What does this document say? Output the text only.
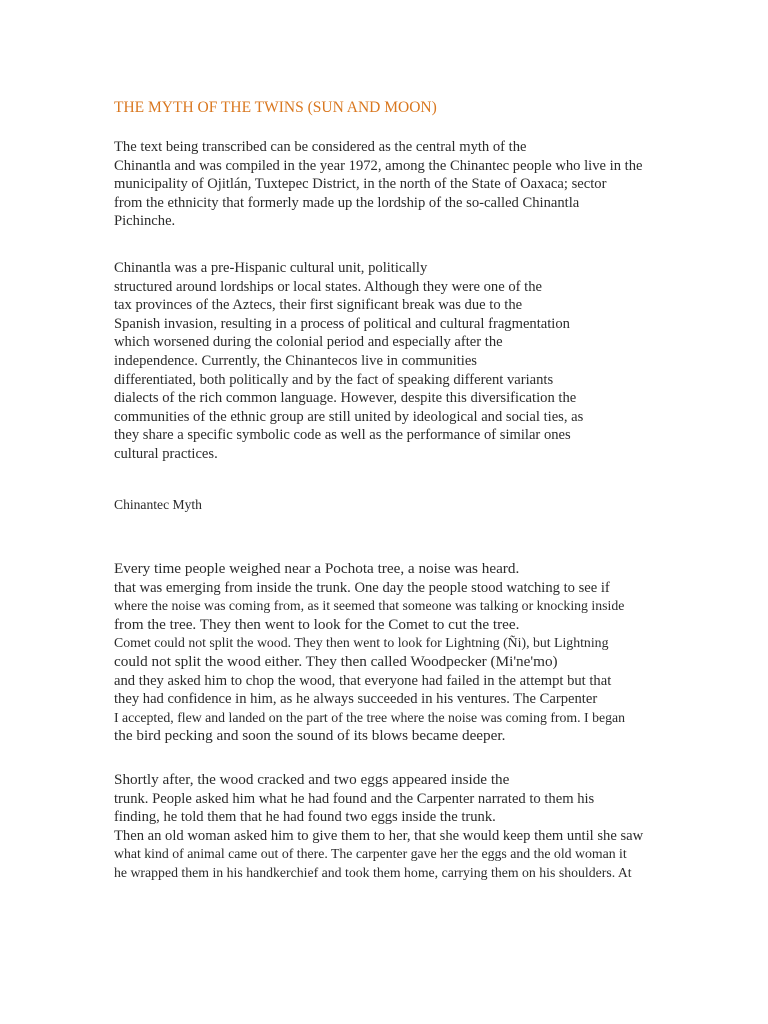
THE MYTH OF THE TWINS (SUN AND MOON)
The text being transcribed can be considered as the central myth of the
Chinantla and was compiled in the year 1972, among the Chinantec people who live in the
municipality of Ojitlán, Tuxtepec District, in the north of the State of Oaxaca; sector
from the ethnicity that formerly made up the lordship of the so-called Chinantla
Pichinche.
Chinantla was a pre-Hispanic cultural unit, politically
structured around lordships or local states. Although they were one of the
tax provinces of the Aztecs, their first significant break was due to the
Spanish invasion, resulting in a process of political and cultural fragmentation
which worsened during the colonial period and especially after the
independence. Currently, the Chinantecos live in communities
differentiated, both politically and by the fact of speaking different variants
dialects of the rich common language. However, despite this diversification the
communities of the ethnic group are still united by ideological and social ties, as
they share a specific symbolic code as well as the performance of similar ones
cultural practices.
Chinantec Myth
Every time people weighed near a Pochota tree, a noise was heard.
that was emerging from inside the trunk. One day the people stood watching to see if
where the noise was coming from, as it seemed that someone was talking or knocking inside
from the tree. They then went to look for the Comet to cut the tree.
Comet could not split the wood. They then went to look for Lightning (Ñi), but Lightning
could not split the wood either. They then called Woodpecker (Mi'ne'mo)
and they asked him to chop the wood, that everyone had failed in the attempt but that
they had confidence in him, as he always succeeded in his ventures. The Carpenter
I accepted, flew and landed on the part of the tree where the noise was coming from. I began
the bird pecking and soon the sound of its blows became deeper.
Shortly after, the wood cracked and two eggs appeared inside the
trunk. People asked him what he had found and the Carpenter narrated to them his
finding, he told them that he had found two eggs inside the trunk.
Then an old woman asked him to give them to her, that she would keep them until she saw
what kind of animal came out of there. The carpenter gave her the eggs and the old woman it
he wrapped them in his handkerchief and took them home, carrying them on his shoulders. At
